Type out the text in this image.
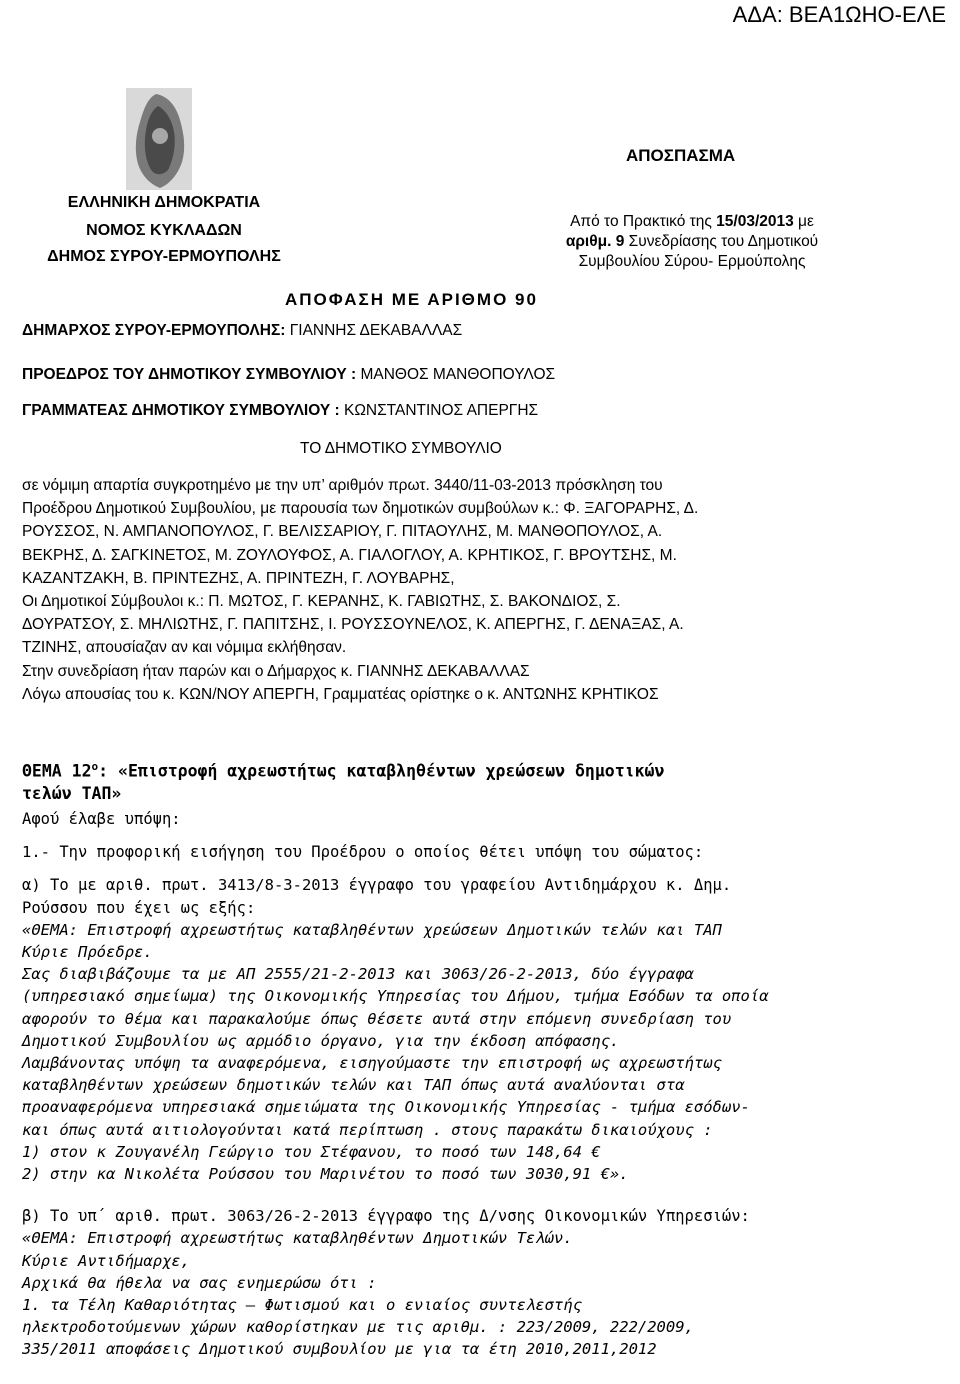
ΑΔΑ: ΒΕΑ1ΩΗΟ-ΕΛΕ
ΑΠΟΣΠΑΣΜΑ
ΕΛΛΗΝΙΚΗ ΔΗΜΟΚΡΑΤΙΑ
ΝΟΜΟΣ ΚΥΚΛΑΔΩΝ
ΔΗΜΟΣ ΣΥΡΟΥ-ΕΡΜΟΥΠΟΛΗΣ
Από το Πρακτικό της 15/03/2013 με
αριθμ. 9 Συνεδρίασης του Δημοτικού
Συμβουλίου Σύρου- Ερμούπολης
ΑΠΟΦΑΣΗ ΜΕ ΑΡΙΘΜΟ 90
ΔΗΜΑΡΧΟΣ ΣΥΡΟΥ-ΕΡΜΟΥΠΟΛΗΣ: ΓΙΑΝΝΗΣ ΔΕΚΑΒΑΛΛΑΣ
ΠΡΟΕΔΡΟΣ ΤΟΥ ΔΗΜΟΤΙΚΟΥ ΣΥΜΒΟΥΛΙΟΥ : ΜΑΝΘΟΣ ΜΑΝΘΟΠΟΥΛΟΣ
ΓΡΑΜΜΑΤΕΑΣ ΔΗΜΟΤΙΚΟΥ ΣΥΜΒΟΥΛΙΟΥ : ΚΩΝΣΤΑΝΤΙΝΟΣ ΑΠΕΡΓΗΣ
ΤΟ ΔΗΜΟΤΙΚΟ ΣΥΜΒΟΥΛΙΟ

σε νόμιμη απαρτία συγκροτημένο με την υπ’ αριθμόν πρωτ. 3440/11-03-2013 πρόσκληση του

Προέδρου Δημοτικού Συμβουλίου, με παρουσία των δημοτικών συμβούλων κ.: Φ. ΞΑΓΟΡΑΡΗΣ, Δ.

ΡΟΥΣΣΟΣ, Ν. ΑΜΠΑΝΟΠΟΥΛΟΣ, Γ. ΒΕΛΙΣΣΑΡΙΟΥ, Γ. ΠΙΤΑΟΥΛΗΣ, Μ. ΜΑΝΘΟΠΟΥΛΟΣ, Α.

ΒΕΚΡΗΣ, Δ. ΣΑΓΚΙΝΕΤΟΣ, Μ. ΖΟΥΛΟΥΦΟΣ, Α. ΓΙΑΛΟΓΛΟΥ, Α. ΚΡΗΤΙΚΟΣ, Γ. ΒΡΟΥΤΣΗΣ, Μ.

ΚΑΖΑΝΤΖΑΚΗ, Β. ΠΡΙΝΤΕΖΗΣ, Α. ΠΡΙΝΤΕΖΗ, Γ. ΛΟΥΒΑΡΗΣ,

Οι Δημοτικοί Σύμβουλοι κ.: Π. ΜΩΤΟΣ, Γ. ΚΕΡΑΝΗΣ, Κ. ΓΑΒΙΩΤΗΣ, Σ. ΒΑΚΟΝΔΙΟΣ, Σ.

ΔΟΥΡΑΤΣΟΥ, Σ. ΜΗΛΙΩΤΗΣ, Γ. ΠΑΠΙΤΣΗΣ, Ι. ΡΟΥΣΣΟΥΝΕΛΟΣ, Κ. ΑΠΕΡΓΗΣ, Γ. ΔΕΝΑΞΑΣ, Α.

ΤΖΙΝΗΣ, απουσίαζαν αν και νόμιμα εκλήθησαν.

Στην συνεδρίαση ήταν παρών και ο Δήμαρχος κ. ΓΙΑΝΝΗΣ ΔΕΚΑΒΑΛΛΑΣ

Λόγω απουσίας του κ. ΚΩΝ/ΝΟΥ ΑΠΕΡΓΗ, Γραμματέας ορίστηκε ο κ. ΑΝΤΩΝΗΣ ΚΡΗΤΙΚΟΣ

ΘΕΜΑ $12^o$: «Επιστροφή αχρεωστήτως καταβληθέντων χρεώσεων δημοτικών

τελών ΤΑΠ»

Αφού έλαβε υπόψη:

1.- Την προφορική εισήγηση του Προέδρου ο οποίος θέτει υπόψη του σώματος:

α) Το με αριθ. πρωτ. 3413/8-3-2013 έγγραφο του γραφείου Αντιδημάρχου κ. Δημ.

Ρούσσου που έχει ως εξής:

«ΘΕΜΑ: Επιστροφή αχρεωστήτως καταβληθέντων χρεώσεων Δημοτικών τελών και ΤΑΠ

Κύριε Πρόεδρε.

Σας διαβιβάζουμε τα με ΑΠ 2555/21-2-2013 και 3063/26-2-2013, δύο έγγραφα

(υπηρεσιακό σημείωμα) της Οικονομικής Υπηρεσίας του Δήμου, τμήμα Εσόδων τα οποία

αφορούν το θέμα και παρακαλούμε όπως θέσετε αυτά στην επόμενη συνεδρίαση του

Δημοτικού Συμβουλίου ως αρμόδιο όργανο, για την έκδοση απόφασης.

Λαμβάνοντας υπόψη τα αναφερόμενα, εισηγούμαστε την επιστροφή ως αχρεωστήτως

καταβληθέντων χρεώσεων δημοτικών τελών και ΤΑΠ όπως αυτά αναλύονται στα

προαναφερόμενα υπηρεσιακά σημειώματα της Οικονομικής Υπηρεσίας - τμήμα εσόδων-

και όπως αυτά αιτιολογούνται κατά περίπτωση . στους παρακάτω δικαιούχους :

1) στον κ Ζουγανέλη Γεώργιο του Στέφανου, το ποσό των 148,64 €

2) στην κα Νικολέτα Ρούσσου του Μαρινέτου το ποσό των 3030,91 €».

β) Το υπ΄ αριθ. πρωτ. 3063/26-2-2013 έγγραφο της Δ/νσης Οικονομικών Υπηρεσιών:

«ΘΕΜΑ: Επιστροφή αχρεωστήτως καταβληθέντων Δημοτικών Τελών.

Κύριε Αντιδήμαρχε,

Αρχικά θα ήθελα να σας ενημερώσω ότι :

1. τα Τέλη Καθαριότητας – Φωτισμού και ο ενιαίος συντελεστής

ηλεκτροδοτούμενων χώρων καθορίστηκαν με τις αριθμ. : 223/2009, 222/2009,

335/2011 αποφάσεις Δημοτικού συμβουλίου με για τα έτη 2010,2011,2012
